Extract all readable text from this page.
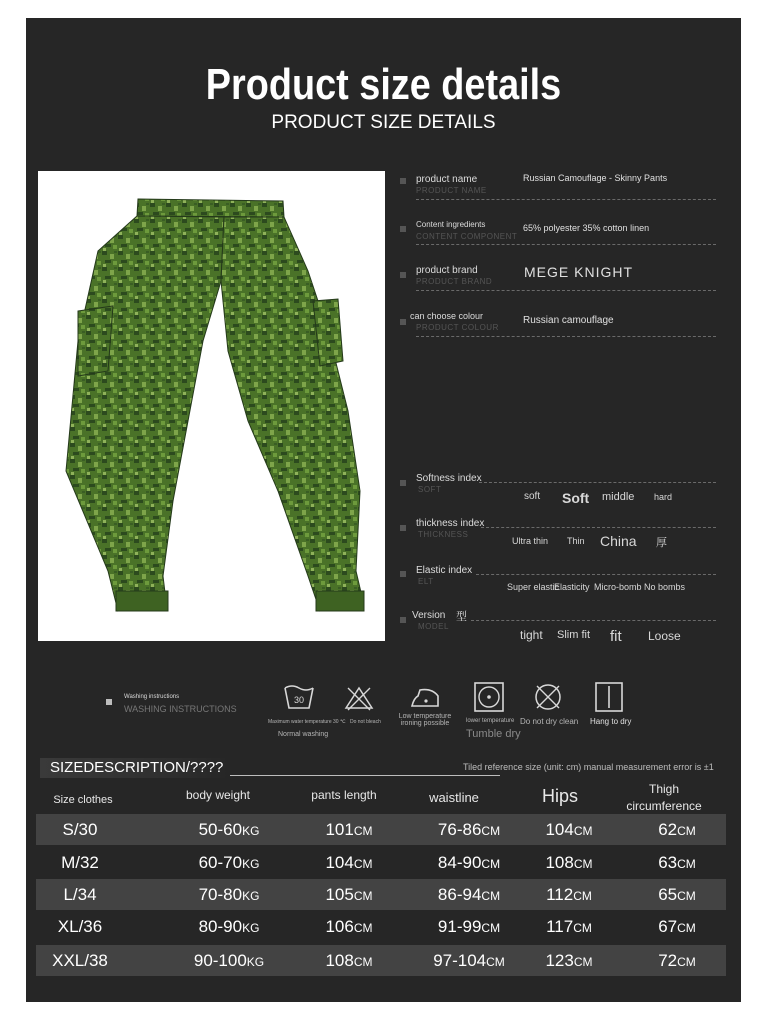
Product size details
PRODUCT SIZE DETAILS
product name
PRODUCT NAME
Russian Camouflage - Skinny Pants
Content ingredients
CONTENT COMPONENT
65% polyester 35% cotton linen
product brand
PRODUCT BRAND
MEGE KNIGHT
can choose colour
PRODUCT COLOUR
Russian camouflage
Softness index
SOFT
soft Soft middle hard
thickness index
THICKNESS
Ultra thin Thin China 厚
Elastic index
ELT
Super elastic
Elasticity Micro-bomb No bombs
Version 型
MODEL
tight Slim fit fit Loose
Washing instructions
WASHING INSTRUCTIONS
30
Maximum water temperature 30 ℃
Normal washing
Do not bleach
Low temperature ironing possible	lower temperature
Tumble dry
Do not dry clean Hang to dry
SIZEDESCRIPTION/????	Tiled reference size (unit: cm) manual measurement error is ±1
Size clothes	body weight	pants length	waistline	Hips	Thigh
circumference
S/30	50-60KG	101CM	76-86CM	104CM	62CM
M/32	60-70KG	104CM	84-90CM	108CM	63CM
L/34	70-80KG	105CM	86-94CM	112CM	65CM
XL/36	80-90KG	106CM	91-99CM	117CM	67CM
XXL/38	90-100KG	108CM	97-104CM	123CM	72CM
